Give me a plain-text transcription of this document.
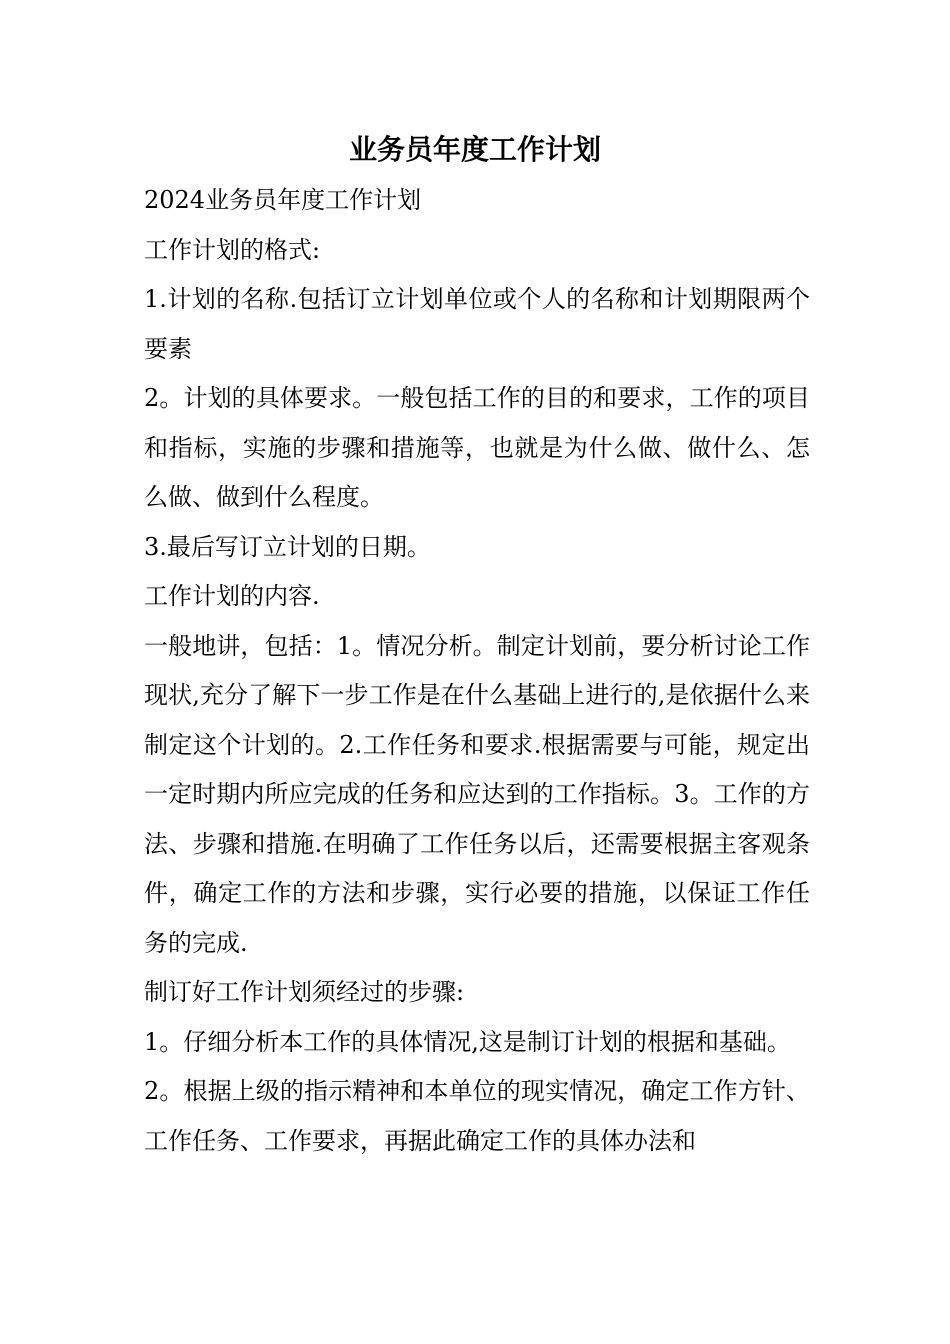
业务员年度工作计划

2024业务员年度工作计划

工作计划的格式:

1.计划的名称.包括订立计划单位或个人的名称和计划期限两个要素

2。计划的具体要求。一般包括工作的目的和要求，工作的项目和指标，实施的步骤和措施等，也就是为什么做、做什么、怎么做、做到什么程度。

3.最后写订立计划的日期。

工作计划的内容.

一般地讲，包括：1。情况分析。制定计划前，要分析讨论工作现状,充分了解下一步工作是在什么基础上进行的,是依据什么来制定这个计划的。2.工作任务和要求.根据需要与可能，规定出一定时期内所应完成的任务和应达到的工作指标。3。工作的方法、步骤和措施.在明确了工作任务以后，还需要根据主客观条件，确定工作的方法和步骤，实行必要的措施，以保证工作任务的完成.

制订好工作计划须经过的步骤:

1。仔细分析本工作的具体情况,这是制订计划的根据和基础。

2。根据上级的指示精神和本单位的现实情况，确定工作方针、工作任务、工作要求，再据此确定工作的具体办法和
